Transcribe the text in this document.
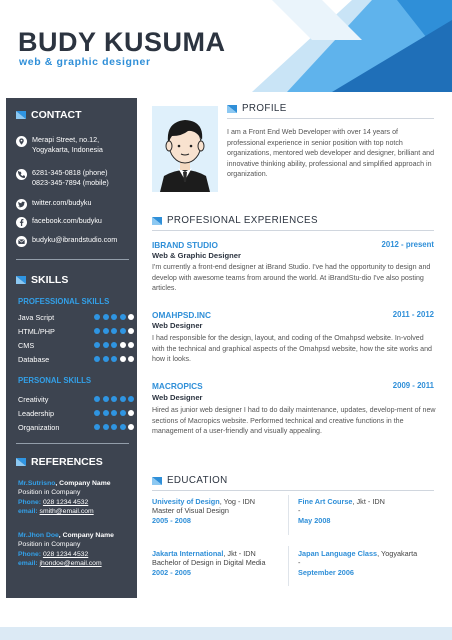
BUDY KUSUMA
web & graphic designer
CONTACT
Merapi Street, no.12,
Yogyakarta, Indonesia
6281-345-0818 (phone)
0823-345-7894 (mobile)
twitter.com/budyku
facebook.com/budyku
budyku@ibrandstudio.com
SKILLS
PROFESSIONAL SKILLS
Java Script
HTML/PHP
CMS
Database
PERSONAL SKILLS
Creativity
Leadership
Organization
REFERENCES
Mr.Sutrisno, Company Name
Position in Company
Phone: 028 1234 4532
email: smith@email.com
Mr.Jhon Doe, Company Name
Position in Company
Phone: 028 1234 4532
email: jhondoe@email.com
PROFILE
I am a Front End Web Developer with over 14 years of professional experience in senior position with top notch organizations, mentored web developer and designer, brilliant and innovative thinking ability, professional and simplified approach in organization.
PROFESIONAL EXPERIENCES
IBRAND STUDIO	2012 - present
Web & Graphic Designer
I'm currently a front-end designer at iBrand Studio. I've had the opportunity to design and develop with awesome teams from around the world. At iBrandStu-dio I've also posting articles.
OMAHPSD.INC	2011 - 2012
Web Designer
I had responsible for the design, layout, and coding of the Omahpsd website. In-volved with the technical and graphical aspects of the Omahpsd website, how the site works and how it looks.
MACROPICS	2009 - 2011
Web Designer
Hired as junior web designer I had to do daily maintenance, updates, develop-ment of new sections of Macropics website. Performed technical and creative functions in the management of a user-friendly and visually appealing.
EDUCATION
Univesity of Design, Yog - IDN
Master of Visual Design
2005 - 2008
Fine Art Course, Jkt - IDN
-
May 2008
Jakarta International, Jkt - IDN
Bachelor of Design in Digital Media
2002 - 2005
Japan Language Class, Yogyakarta
-
September 2006
